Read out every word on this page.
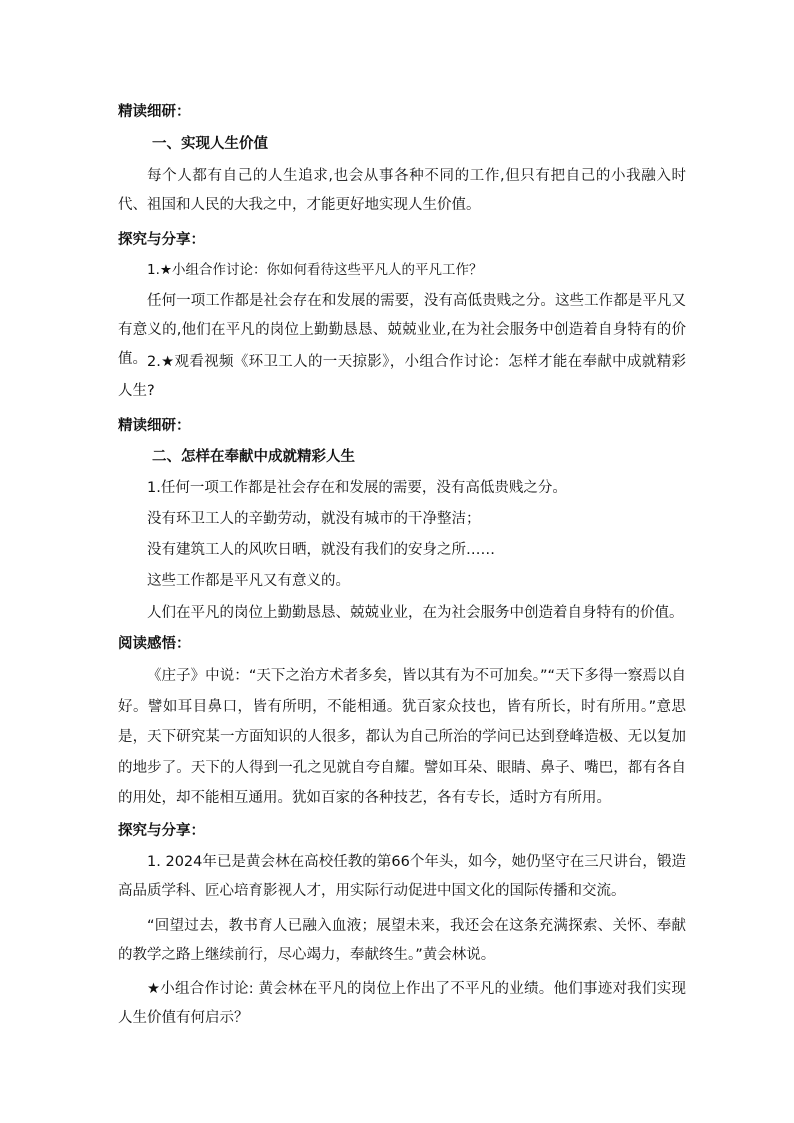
精读细研：

一、实现人生价值

每个人都有自己的人生追求,也会从事各种不同的工作,但只有把自己的小我融入时代、祖国和人民的大我之中，才能更好地实现人生价值。

探究与分享：

1.★小组合作讨论：你如何看待这些平凡人的平凡工作？

任何一项工作都是社会存在和发展的需要，没有高低贵贱之分。这些工作都是平凡又有意义的,他们在平凡的岗位上勤勤恳恳、兢兢业业,在为社会服务中创造着自身特有的价值。 2.★观看视频《环卫工人的一天掠影》，小组合作讨论：怎样才能在奉献中成就精彩人生?

精读细研：

二、怎样在奉献中成就精彩人生

1.任何一项工作都是社会存在和发展的需要，没有高低贵贱之分。

没有环卫工人的辛勤劳动，就没有城市的干净整洁；

没有建筑工人的风吹日晒，就没有我们的安身之所……

这些工作都是平凡又有意义的。

人们在平凡的岗位上勤勤恳恳、兢兢业业，在为社会服务中创造着自身特有的价值。

阅读感悟：

《庄子》中说：“天下之治方术者多矣，皆以其有为不可加矣。”“天下多得一察焉以自好。譬如耳目鼻口，皆有所明，不能相通。犹百家众技也，皆有所长，时有所用。”意思是，天下研究某一方面知识的人很多，都认为自己所治的学问已达到登峰造极、无以复加的地步了。天下的人得到一孔之见就自夸自耀。譬如耳朵、眼睛、鼻子、嘴巴，都有各自的用处，却不能相互通用。犹如百家的各种技艺，各有专长，适时方有所用。

探究与分享：

1. 2024年已是黄会林在高校任教的第66个年头，如今，她仍坚守在三尺讲台，锻造高品质学科、匠心培育影视人才，用实际行动促进中国文化的国际传播和交流。

“回望过去，教书育人已融入血液；展望未来，我还会在这条充满探索、关怀、奉献的教学之路上继续前行，尽心竭力，奉献终生。”黄会林说。

★小组合作讨论: 黄会林在平凡的岗位上作出了不平凡的业绩。他们事迹对我们实现人生价值有何启示？
